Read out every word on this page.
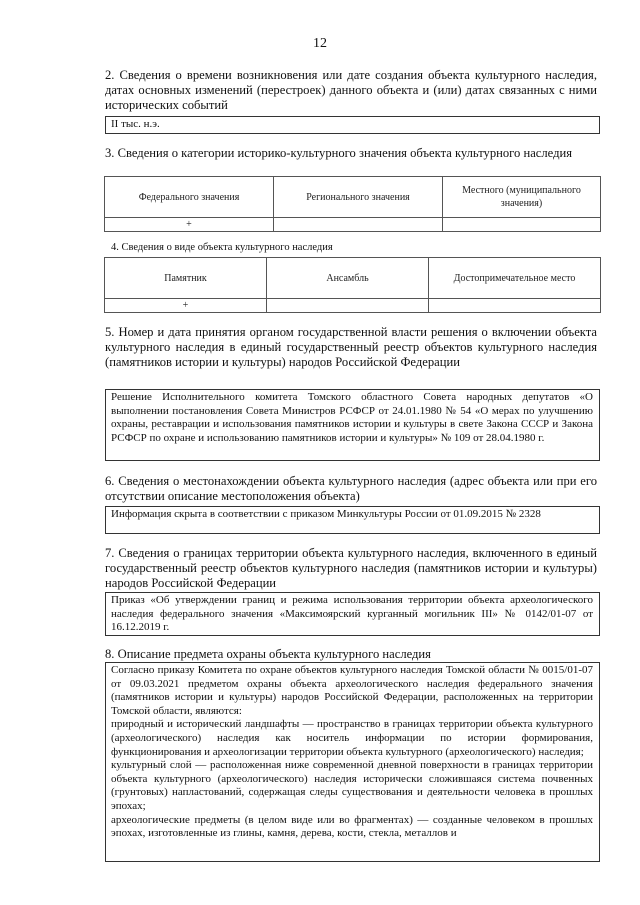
12
2. Сведения о времени возникновения или дате создания объекта культурного наследия, датах основных изменений (перестроек) данного объекта и (или) датах связанных с ними исторических событий
II тыс. н.э.
3. Сведения о категории историко-культурного значения объекта культурного наследия
Федерального значения	Регионального значения	Местного (муниципального значения)
+		
4. Сведения о виде объекта культурного наследия
Памятник	Ансамбль	Достопримечательное место
+		
5. Номер и дата принятия органом государственной власти решения о включении объекта культурного наследия в единый государственный реестр объектов культурного наследия (памятников истории и культуры) народов Российской Федерации
Решение Исполнительного комитета Томского областного Совета народных депутатов «О выполнении постановления Совета Министров РСФСР от 24.01.1980 № 54 «О мерах по улучшению охраны, реставрации и использования памятников истории и культуры в свете Закона СССР и Закона РСФСР по охране и использованию памятников истории и культуры» № 109 от 28.04.1980 г.
6. Сведения о местонахождении объекта культурного наследия (адрес объекта или при его отсутствии описание местоположения объекта)
Информация скрыта в соответствии с приказом Минкультуры России от 01.09.2015 № 2328
7. Сведения о границах территории объекта культурного наследия, включенного в единый государственный реестр объектов культурного наследия (памятников истории и культуры) народов Российской Федерации
Приказ «Об утверждении границ и режима использования территории объекта археологического наследия федерального значения «Максимоярский курганный могильник III» № 0142/01-07 от 16.12.2019 г.
8. Описание предмета охраны объекта культурного наследия

Согласно приказу Комитета по охране объектов культурного наследия Томской области № 0015/01-07 от 09.03.2021 предметом охраны объекта археологического наследия федерального значения (памятников истории и культуры) народов Российской Федерации, расположенных на территории Томской области, являются:

природный и исторический ландшафты — пространство в границах территории объекта культурного (археологического) наследия как носитель информации по истории формирования, функционирования и археологизации территории объекта культурного (археологического) наследия;

культурный слой — расположенная ниже современной дневной поверхности в границах территории объекта культурного (археологического) наследия исторически сложившаяся система почвенных (грунтовых) напластований, содержащая следы существования и деятельности человека в прошлых эпохах;

археологические предметы (в целом виде или во фрагментах) — созданные человеком в прошлых эпохах, изготовленные из глины, камня, дерева, кости, стекла, металлов и
